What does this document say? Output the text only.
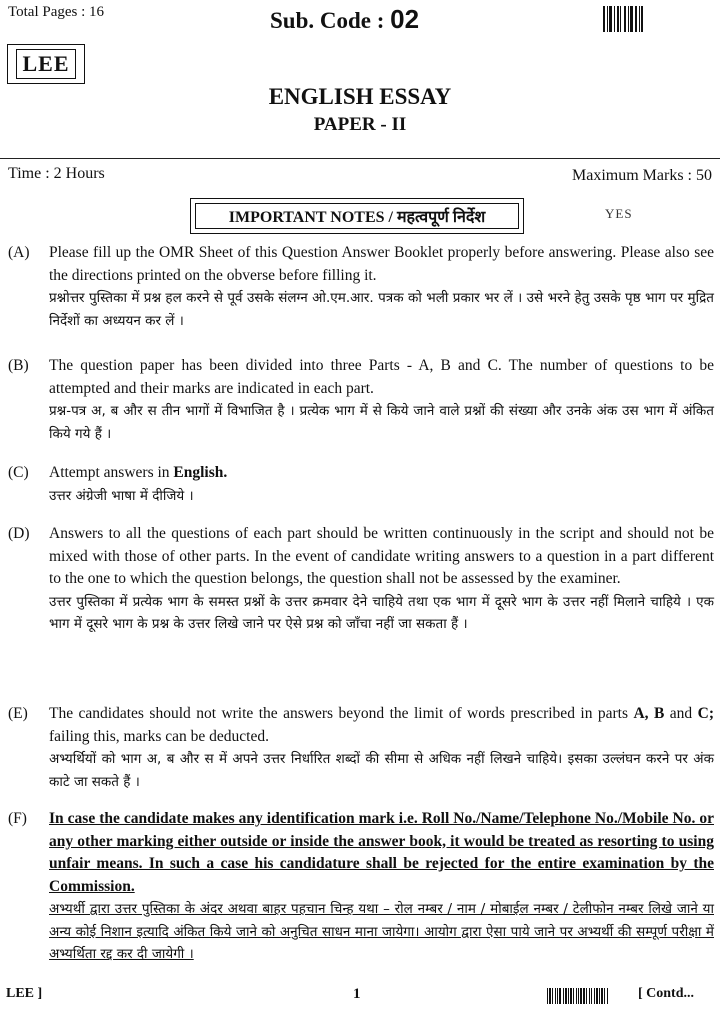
Total Pages : 16	Sub. Code : 02
LEE
ENGLISH ESSAY
PAPER - II
Time : 2 Hours	Maximum Marks : 50
IMPORTANT NOTES / महत्वपूर्ण निर्देश	YES
(A)	Please fill up the OMR Sheet of this Question Answer Booklet properly before answering. Please also see the directions printed on the obverse before filling it.
प्रश्नोत्तर पुस्तिका में प्रश्न हल करने से पूर्व उसके संलग्न ओ.एम.आर. पत्रक को भली प्रकार भर लें । उसे भरने हेतु उसके पृष्ठ भाग पर मुद्रित निर्देशों का अध्ययन कर लें ।
(B)	The question paper has been divided into three Parts - A, B and C. The number of questions to be attempted and their marks are indicated in each part.
प्रश्न-पत्र अ, ब और स तीन भागों में विभाजित है । प्रत्येक भाग में से किये जाने वाले प्रश्नों की संख्या और उनके अंक उस भाग में अंकित किये गये हैं ।
(C)	Attempt answers in English.
उत्तर अंग्रेजी भाषा में दीजिये ।
(D)	Answers to all the questions of each part should be written continuously in the script and should not be mixed with those of other parts. In the event of candidate writing answers to a question in a part different to the one to which the question belongs, the question shall not be assessed by the examiner.
उत्तर पुस्तिका में प्रत्येक भाग के समस्त प्रश्नों के उत्तर क्रमवार देने चाहिये तथा एक भाग में दूसरे भाग के उत्तर नहीं मिलाने चाहिये । एक भाग में दूसरे भाग के प्रश्न के उत्तर लिखे जाने पर ऐसे प्रश्न को जाँचा नहीं जा सकता हैं ।
(E)	The candidates should not write the answers beyond the limit of words prescribed in parts A, B and C; failing this, marks can be deducted.
अभ्यर्थियों को भाग अ, ब और स में अपने उत्तर निर्धारित शब्दों की सीमा से अधिक नहीं लिखने चाहिये। इसका उल्लंघन करने पर अंक काटे जा सकते हैं ।
(F)	In case the candidate makes any identification mark i.e. Roll No./Name/Telephone No./Mobile No. or any other marking either outside or inside the answer book, it would be treated as resorting to using unfair means. In such a case his candidature shall be rejected for the entire examination by the Commission.
अभ्यर्थी द्वारा उत्तर पुस्तिका के अंदर अथवा बाहर पहचान चिन्ह यथा – रोल नम्बर / नाम / मोबाईल नम्बर / टेलीफोन नम्बर लिखे जाने या अन्य कोई निशान इत्यादि अंकित किये जाने को अनुचित साधन माना जायेगा। आयोग द्वारा ऐसा पाये जाने पर अभ्यर्थी की सम्पूर्ण परीक्षा में अभ्यर्थिता रद्द कर दी जायेगी ।
LEE ]	1	[ Contd...
